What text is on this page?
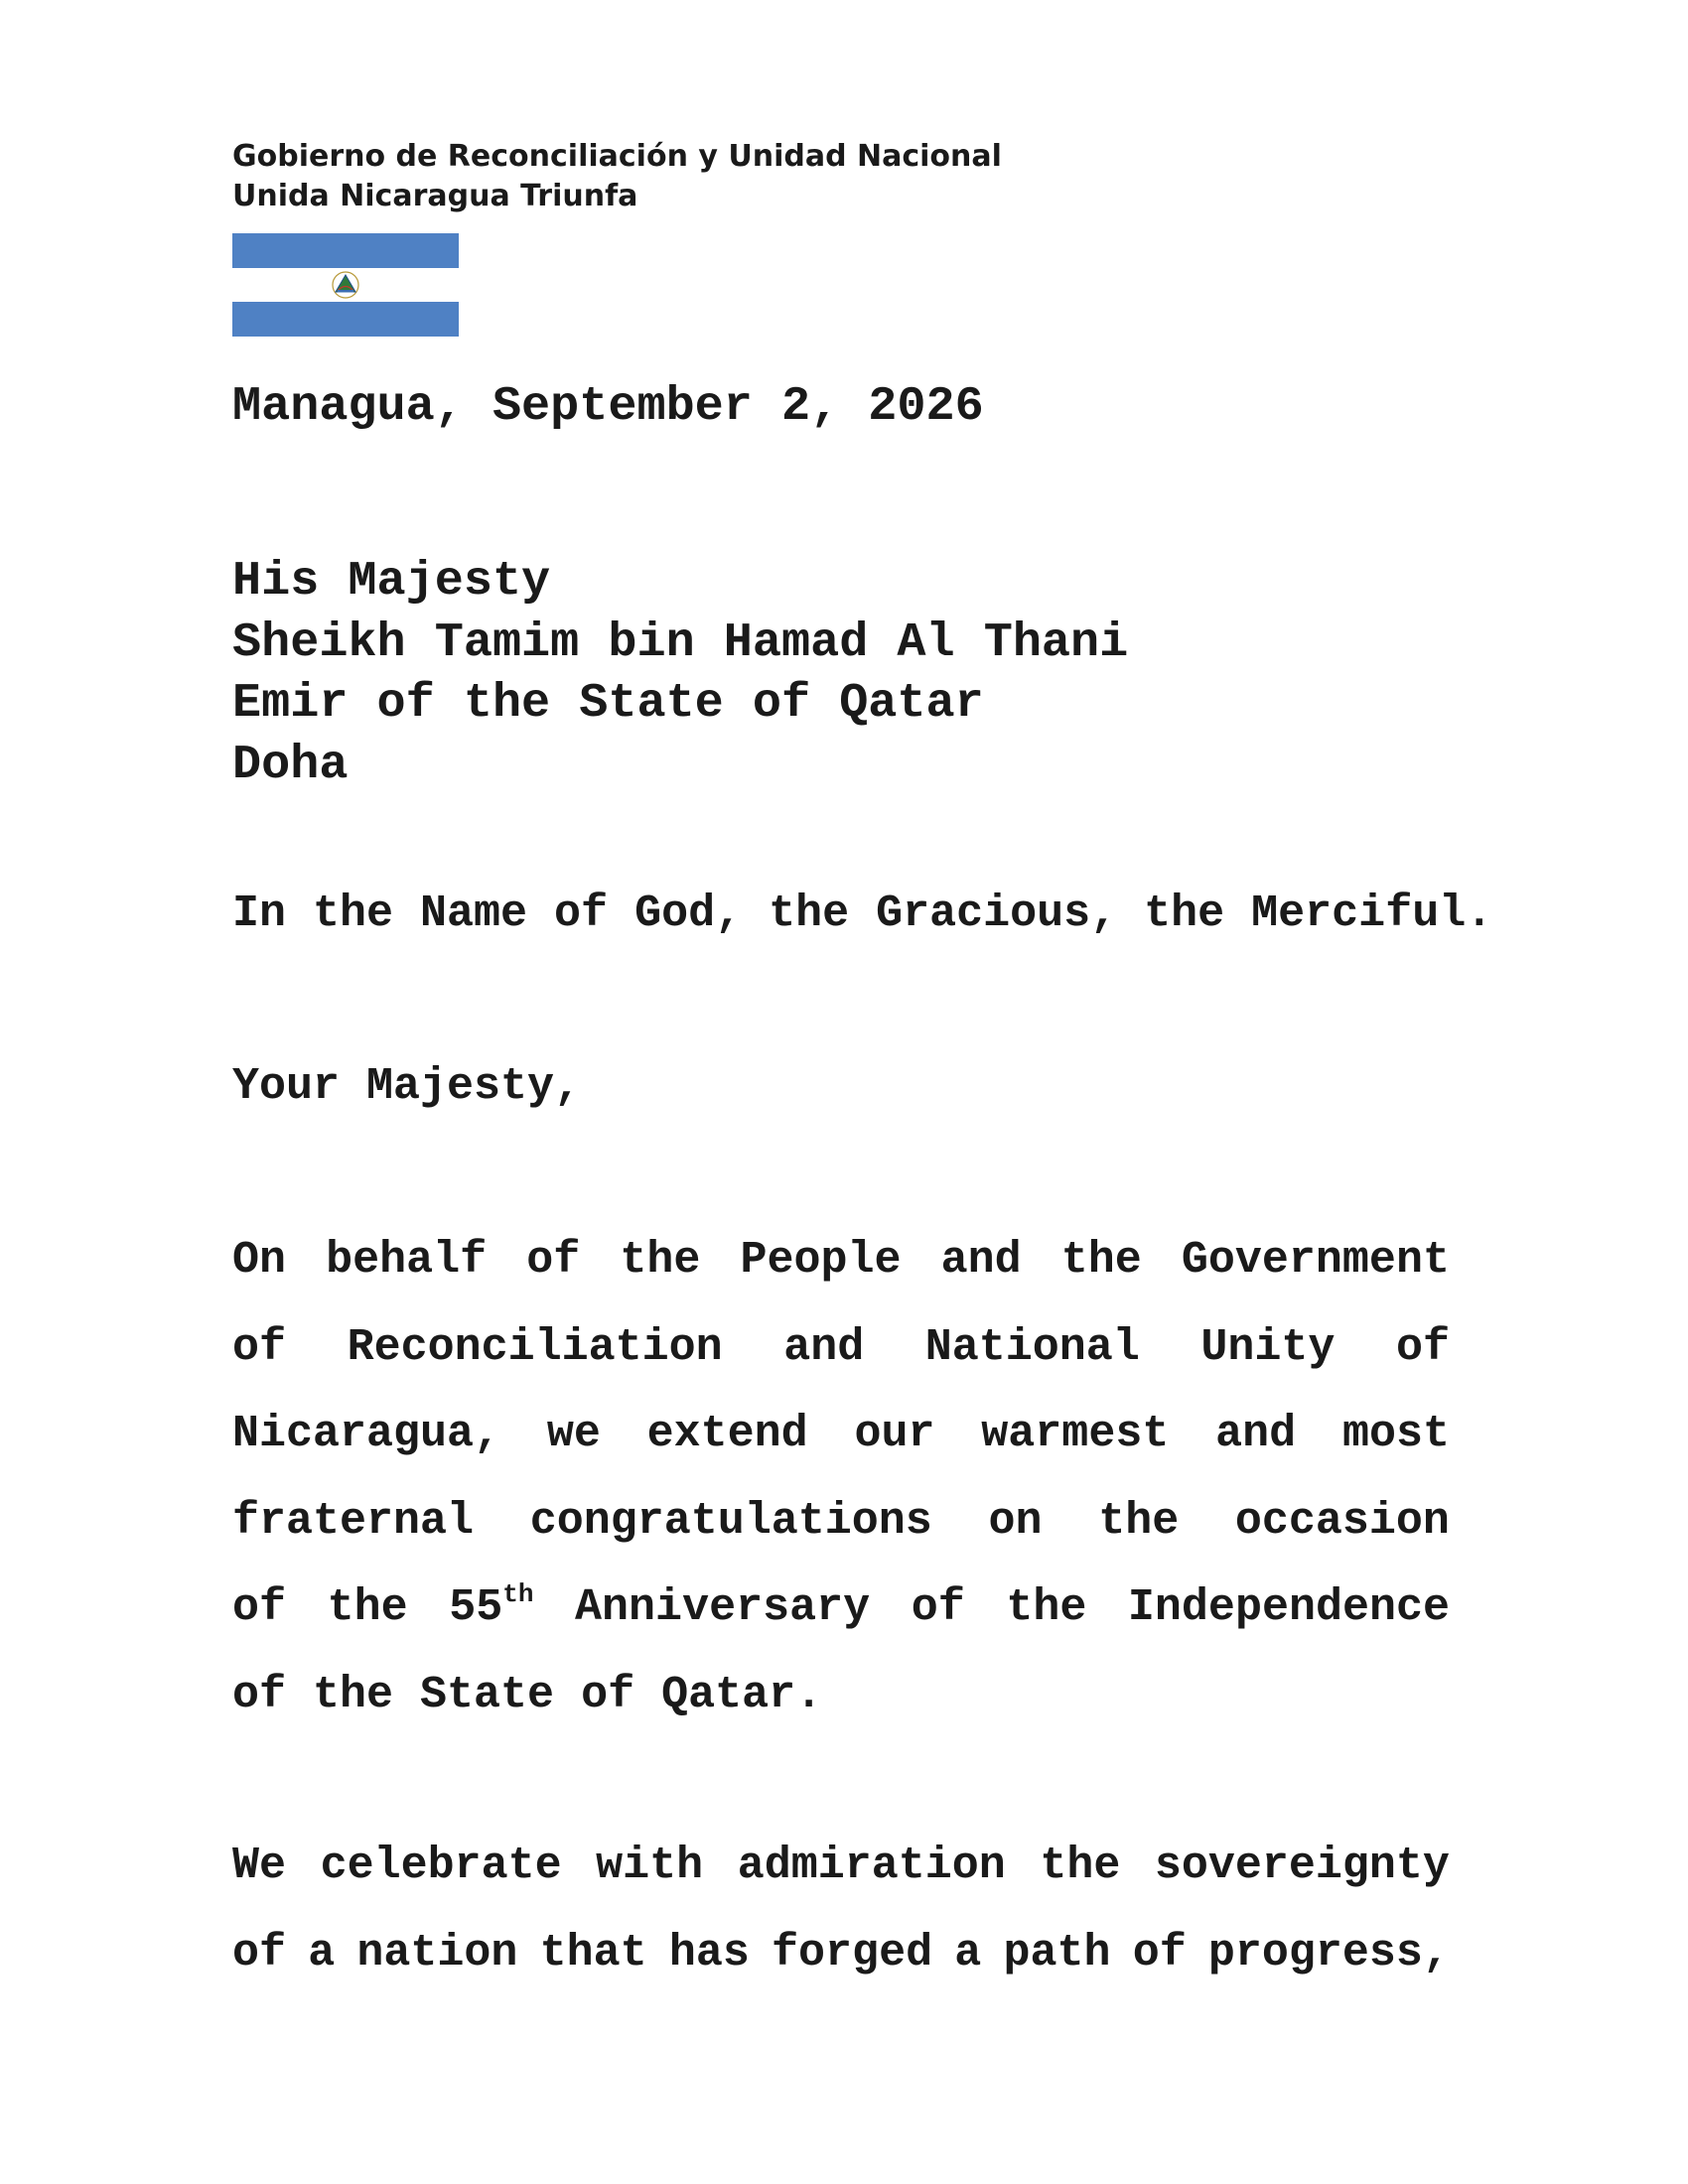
Gobierno de Reconciliación y Unidad Nacional
Unida Nicaragua Triunfa
Managua, September 2, 2026
His Majesty
Sheikh Tamim bin Hamad Al Thani
Emir of the State of Qatar
Doha
In the Name of God, the Gracious, the Merciful.
Your Majesty,
On behalf of the People and the Government
of Reconciliation and National Unity of
Nicaragua, we extend our warmest and most
fraternal congratulations on the occasion
of the 55th Anniversary of the Independence
of the State of Qatar.
We celebrate with admiration the sovereignty
of a nation that has forged a path of progress,
